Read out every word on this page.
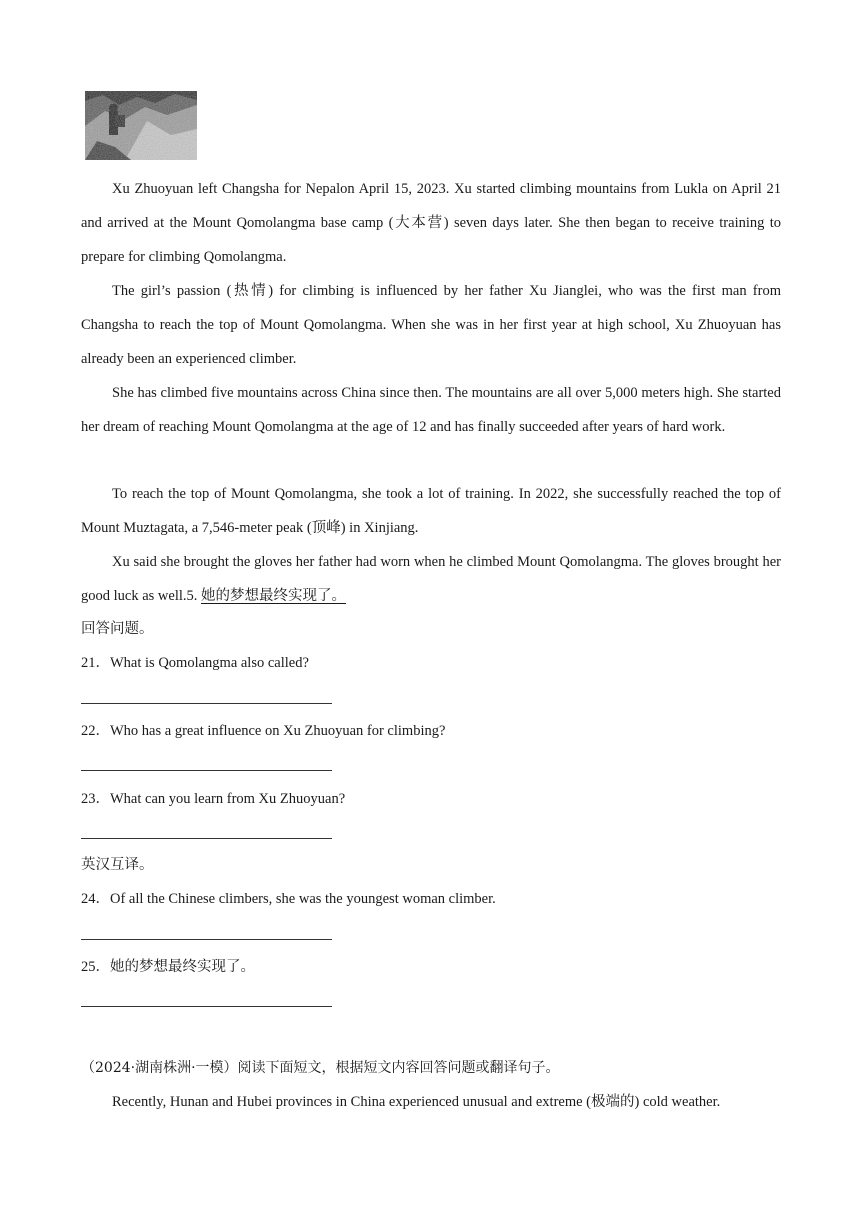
Xu Zhuoyuan left Changsha for Nepalon April 15, 2023. Xu started climbing mountains from Lukla on April 21 and arrived at the Mount Qomolangma base camp (大本营) seven days later. She then began to receive training to prepare for climbing Qomolangma.
The girl’s passion (热情) for climbing is influenced by her father Xu Jianglei, who was the first man from Changsha to reach the top of Mount Qomolangma. When she was in her first year at high school, Xu Zhuoyuan has already been an experienced climber.
She has climbed five mountains across China since then. The mountains are all over 5,000 meters high. She started her dream of reaching Mount Qomolangma at the age of 12 and has finally succeeded after years of hard work.
To reach the top of Mount Qomolangma, she took a lot of training. In 2022, she successfully reached the top of Mount Muztagata, a 7,546-meter peak (顶峰) in Xinjiang.
Xu said she brought the gloves her father had worn when he climbed Mount Qomolangma. The gloves brought her good luck as well.5. 她的梦想最终实现了。
回答问题。
21．What is Qomolangma also called?
22．Who has a great influence on Xu Zhuoyuan for climbing?
23．What can you learn from Xu Zhuoyuan?
英汉互译。
24．Of all the Chinese climbers, she was the youngest woman climber.
25．她的梦想最终实现了。
（2024·湖南株洲·一模）阅读下面短文，根据短文内容回答问题或翻译句子。
Recently, Hunan and Hubei provinces in China experienced unusual and extreme (极端的) cold weather.
